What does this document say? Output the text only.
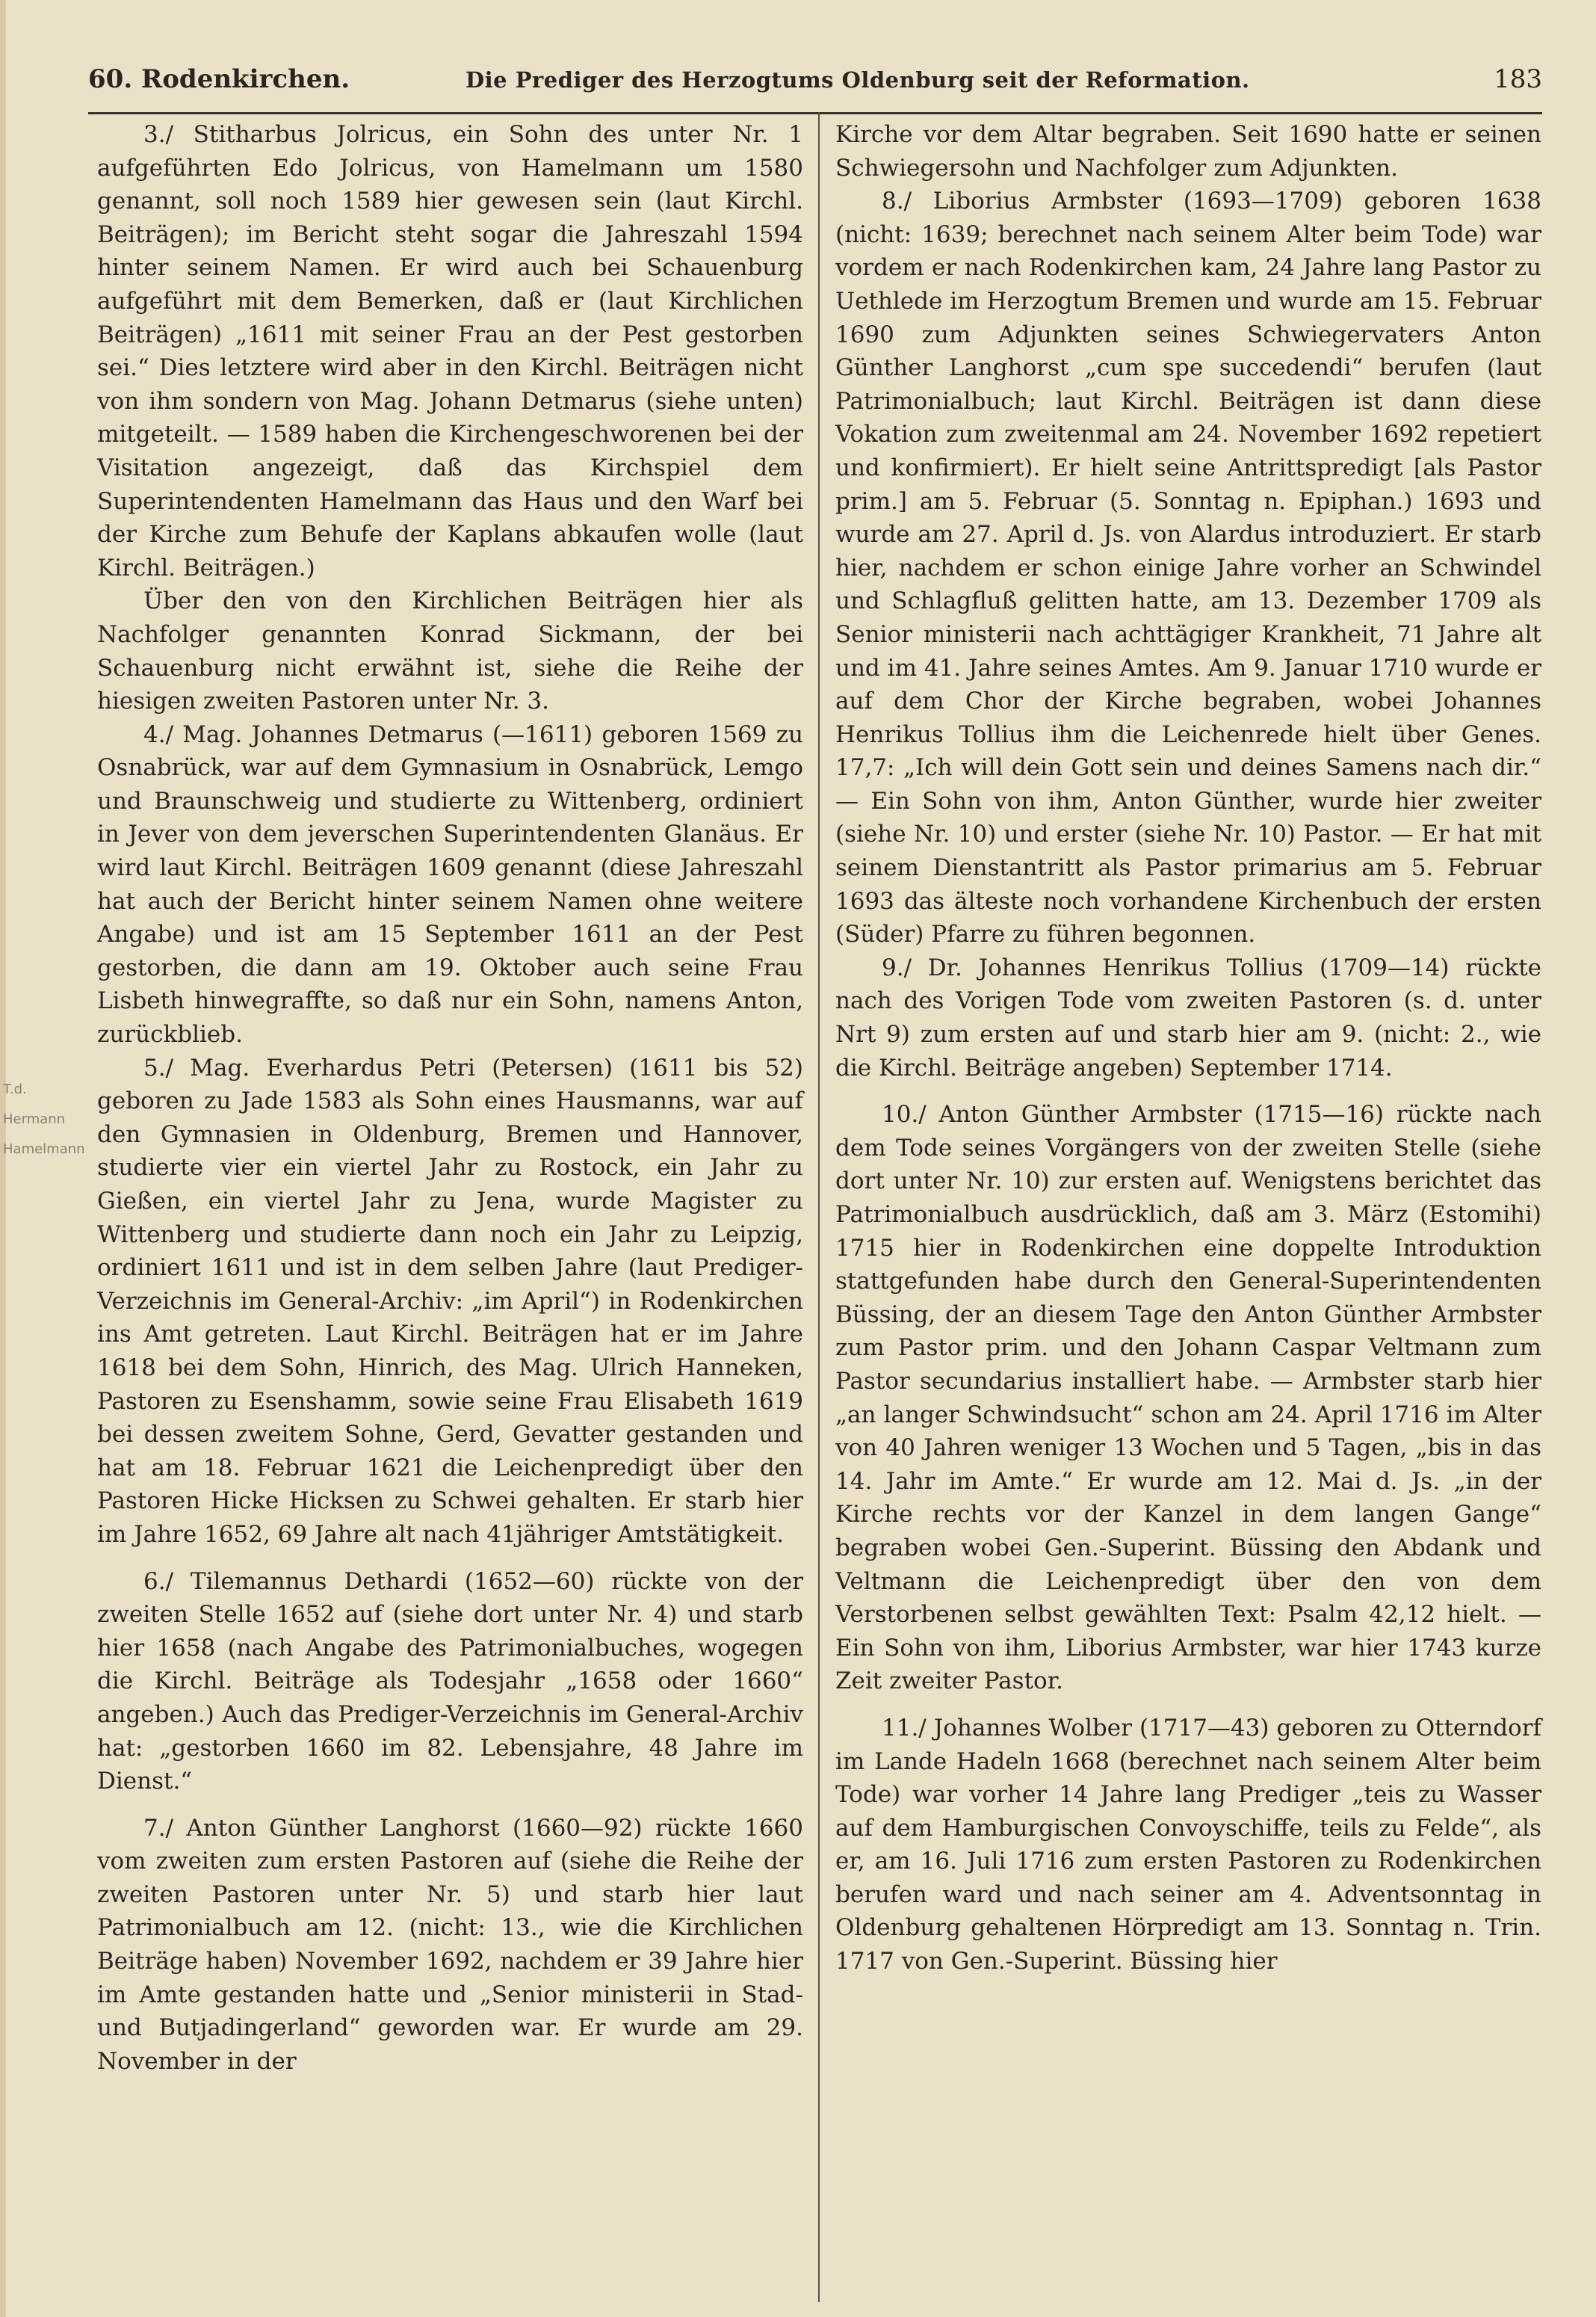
60. Rodenkirchen.	Die Prediger des Herzogtums Oldenburg seit der Reformation.	183
T.d.
Hermann
Hamelmann

3./ Stitharbus Jolricus, ein Sohn des unter Nr. 1 aufgeführten Edo Jolricus, von Hamelmann um 1580 genannt, soll noch 1589 hier gewesen sein (laut Kirchl. Beiträgen); im Bericht steht sogar die Jahreszahl 1594 hinter seinem Namen. Er wird auch bei Schauenburg aufgeführt mit dem Bemerken, daß er (laut Kirchlichen Beiträgen) „1611 mit seiner Frau an der Pest gestorben sei.“ Dies letztere wird aber in den Kirchl. Beiträgen nicht von ihm sondern von Mag. Johann Detmarus (siehe unten) mitgeteilt. — 1589 haben die Kirchengeschworenen bei der Visitation angezeigt, daß das Kirchspiel dem Superintendenten Hamelmann das Haus und den Warf bei der Kirche zum Behufe der Kaplans abkaufen wolle (laut Kirchl. Beiträgen.)

Über den von den Kirchlichen Beiträgen hier als Nachfolger genannten Konrad Sickmann, der bei Schauenburg nicht erwähnt ist, siehe die Reihe der hiesigen zweiten Pastoren unter Nr. 3.

4./ Mag. Johannes Detmarus (—1611) geboren 1569 zu Osnabrück, war auf dem Gymnasium in Osnabrück, Lemgo und Braunschweig und studierte zu Wittenberg, ordiniert in Jever von dem jeverschen Superintendenten Glanäus. Er wird laut Kirchl. Beiträgen 1609 genannt (diese Jahreszahl hat auch der Bericht hinter seinem Namen ohne weitere Angabe) und ist am 15 September 1611 an der Pest gestorben, die dann am 19. Oktober auch seine Frau Lisbeth hinwegraffte, so daß nur ein Sohn, namens Anton, zurückblieb.

5./ Mag. Everhardus Petri (Petersen) (1611 bis 52) geboren zu Jade 1583 als Sohn eines Hausmanns, war auf den Gymnasien in Oldenburg, Bremen und Hannover, studierte vier ein viertel Jahr zu Rostock, ein Jahr zu Gießen, ein viertel Jahr zu Jena, wurde Magister zu Wittenberg und studierte dann noch ein Jahr zu Leipzig, ordiniert 1611 und ist in dem selben Jahre (laut Prediger-Verzeichnis im General-Archiv: „im April“) in Rodenkirchen ins Amt getreten. Laut Kirchl. Beiträgen hat er im Jahre 1618 bei dem Sohn, Hinrich, des Mag. Ulrich Hanneken, Pastoren zu Esenshamm, sowie seine Frau Elisabeth 1619 bei dessen zweitem Sohne, Gerd, Gevatter gestanden und hat am 18. Februar 1621 die Leichenpredigt über den Pastoren Hicke Hicksen zu Schwei gehalten. Er starb hier im Jahre 1652, 69 Jahre alt nach 41jähriger Amtstätigkeit.

6./ Tilemannus Dethardi (1652—60) rückte von der zweiten Stelle 1652 auf (siehe dort unter Nr. 4) und starb hier 1658 (nach Angabe des Patrimonialbuches, wogegen die Kirchl. Beiträge als Todesjahr „1658 oder 1660“ angeben.) Auch das Prediger-Verzeichnis im General-Archiv hat: „gestorben 1660 im 82. Lebensjahre, 48 Jahre im Dienst.“

7./ Anton Günther Langhorst (1660—92) rückte 1660 vom zweiten zum ersten Pastoren auf (siehe die Reihe der zweiten Pastoren unter Nr. 5) und starb hier laut Patrimonialbuch am 12. (nicht: 13., wie die Kirchlichen Beiträge haben) November 1692, nachdem er 39 Jahre hier im Amte gestanden hatte und „Senior ministerii in Stad- und Butjadingerland“ geworden war. Er wurde am 29. November in der

Kirche vor dem Altar begraben. Seit 1690 hatte er seinen Schwiegersohn und Nachfolger zum Adjunkten.

8./ Liborius Armbster (1693—1709) geboren 1638 (nicht: 1639; berechnet nach seinem Alter beim Tode) war vordem er nach Rodenkirchen kam, 24 Jahre lang Pastor zu Uethlede im Herzogtum Bremen und wurde am 15. Februar 1690 zum Adjunkten seines Schwiegervaters Anton Günther Langhorst „cum spe succedendi“ berufen (laut Patrimonialbuch; laut Kirchl. Beiträgen ist dann diese Vokation zum zweitenmal am 24. November 1692 repetiert und konfirmiert). Er hielt seine Antrittspredigt [als Pastor prim.] am 5. Februar (5. Sonntag n. Epiphan.) 1693 und wurde am 27. April d. Js. von Alardus introduziert. Er starb hier, nachdem er schon einige Jahre vorher an Schwindel und Schlagfluß gelitten hatte, am 13. Dezember 1709 als Senior ministerii nach achttägiger Krankheit, 71 Jahre alt und im 41. Jahre seines Amtes. Am 9. Januar 1710 wurde er auf dem Chor der Kirche begraben, wobei Johannes Henrikus Tollius ihm die Leichenrede hielt über Genes. 17,7: „Ich will dein Gott sein und deines Samens nach dir.“ — Ein Sohn von ihm, Anton Günther, wurde hier zweiter (siehe Nr. 10) und erster (siehe Nr. 10) Pastor. — Er hat mit seinem Dienstantritt als Pastor primarius am 5. Februar 1693 das älteste noch vorhandene Kirchenbuch der ersten (Süder) Pfarre zu führen begonnen.

9./ Dr. Johannes Henrikus Tollius (1709—14) rückte nach des Vorigen Tode vom zweiten Pastoren (s. d. unter Nrt 9) zum ersten auf und starb hier am 9. (nicht: 2., wie die Kirchl. Beiträge angeben) September 1714.

10./ Anton Günther Armbster (1715—16) rückte nach dem Tode seines Vorgängers von der zweiten Stelle (siehe dort unter Nr. 10) zur ersten auf. Wenigstens berichtet das Patrimonialbuch ausdrücklich, daß am 3. März (Estomihi) 1715 hier in Rodenkirchen eine doppelte Introduktion stattgefunden habe durch den General-Superintendenten Büssing, der an diesem Tage den Anton Günther Armbster zum Pastor prim. und den Johann Caspar Veltmann zum Pastor secundarius installiert habe. — Armbster starb hier „an langer Schwindsucht“ schon am 24. April 1716 im Alter von 40 Jahren weniger 13 Wochen und 5 Tagen, „bis in das 14. Jahr im Amte.“ Er wurde am 12. Mai d. Js. „in der Kirche rechts vor der Kanzel in dem langen Gange“ begraben wobei Gen.-Superint. Büssing den Abdank und Veltmann die Leichenpredigt über den von dem Verstorbenen selbst gewählten Text: Psalm 42,12 hielt. — Ein Sohn von ihm, Liborius Armbster, war hier 1743 kurze Zeit zweiter Pastor.

11./ Johannes Wolber (1717—43) geboren zu Otterndorf im Lande Hadeln 1668 (berechnet nach seinem Alter beim Tode) war vorher 14 Jahre lang Prediger „teis zu Wasser auf dem Hamburgischen Convoyschiffe, teils zu Felde“, als er, am 16. Juli 1716 zum ersten Pastoren zu Rodenkirchen berufen ward und nach seiner am 4. Adventsonntag in Oldenburg gehaltenen Hörpredigt am 13. Sonntag n. Trin. 1717 von Gen.-Superint. Büssing hier
